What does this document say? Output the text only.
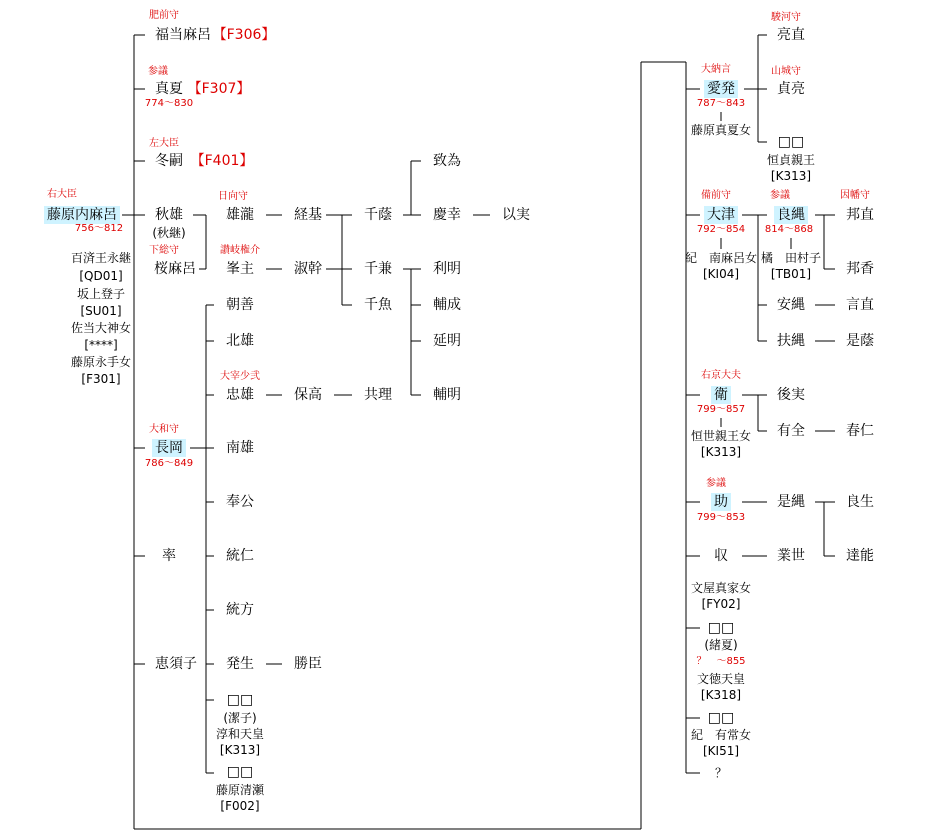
右大臣
藤原内麻呂
756～812
百済王永継
[QD01]
坂上登子
[SU01]
佐当大神女
[****]
藤原永手女
[F301]
肥前守
福当麻呂 【F306】
参議
真夏 【F307】
774～830
左大臣
冬嗣 【F401】
秋雄
(秋継)
下総守
桜麻呂
大和守
長岡
786～849
率
恵須子
日向守
雄瀧
讃岐権介
峯主
朝善
北雄
大宰少弐
忠雄
南雄
奉公
統仁
統方
発生
□□
(潔子)
淳和天皇
[K313]
□□
藤原清瀬
[F002]
経基
淑幹
保高
勝臣
千蔭
千兼
千魚
共理
致為
慶幸
利明
輔成
延明
輔明
以実
大納言
愛発
787～843
藤原真夏女
駿河守
亮直
山城守
貞亮
□□
恒貞親王
[K313]
備前守
大津
792～854
紀　南麻呂女
[KI04]
参議
良縄
814～868
橘　田村子
[TB01]
因幡守
邦直
邦香
安縄	言直
扶縄	是蔭
右京大夫
衛
799～857
恒世親王女
[K313]
後実
有全	春仁
参議
助
799～853
是縄	良生
達能
収
文屋真家女
[FY02]
業世
□□
(緒夏)
？　～855
文徳天皇
[K318]
□□
紀　有常女
[KI51]
？
